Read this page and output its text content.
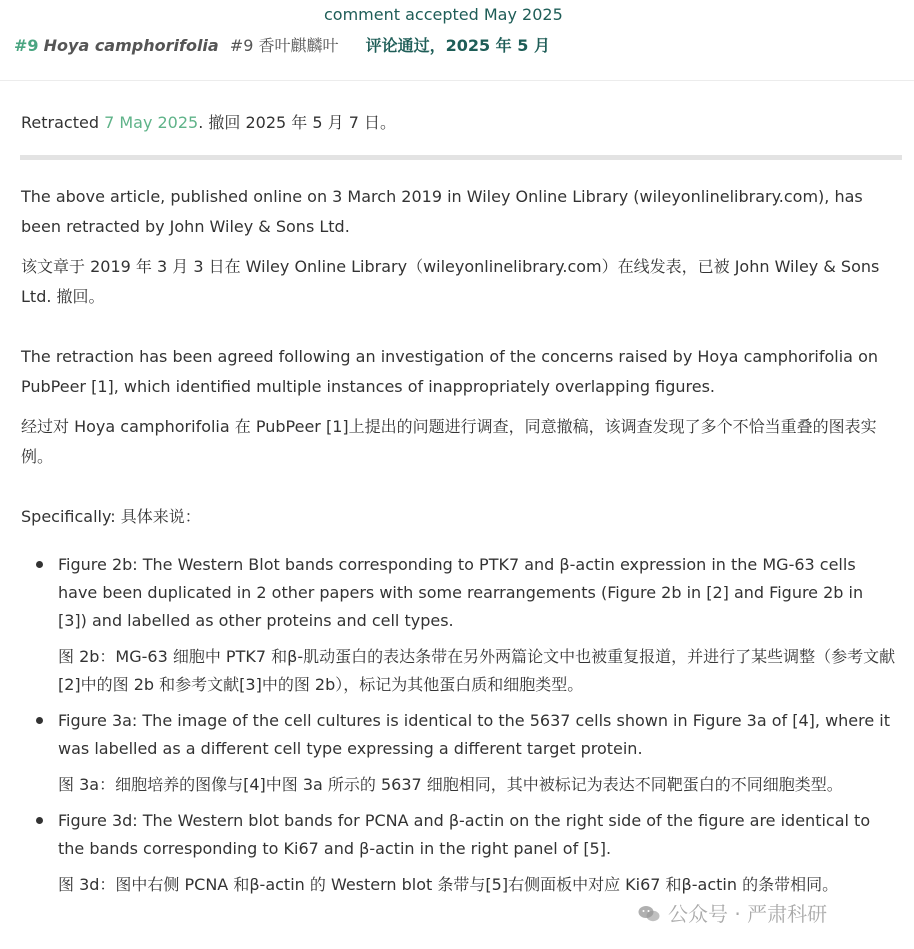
comment accepted May 2025
#9 Hoya camphorifolia #9 香叶麒麟叶 评论通过，2025 年 5 月
Retracted 7 May 2025. 撤回 2025 年 5 月 7 日。

The above article, published online on 3 March 2019 in Wiley Online Library (wileyonlinelibrary.com), has been retracted by John Wiley & Sons Ltd.

该文章于 2019 年 3 月 3 日在 Wiley Online Library（wileyonlinelibrary.com）在线发表，已被 John Wiley & Sons Ltd. 撤回。

The retraction has been agreed following an investigation of the concerns raised by Hoya camphorifolia on PubPeer [1], which identified multiple instances of inappropriately overlapping figures.

经过对 Hoya camphorifolia 在 PubPeer [1]上提出的问题进行调查，同意撤稿，该调查发现了多个不恰当重叠的图表实例。

Specifically: 具体来说：

Figure 2b: The Western Blot bands corresponding to PTK7 and β-actin expression in the MG-63 cells have been duplicated in 2 other papers with some rearrangements (Figure 2b in [2] and Figure 2b in [3]) and labelled as other proteins and cell types.

图 2b：MG-63 细胞中 PTK7 和β-肌动蛋白的表达条带在另外两篇论文中也被重复报道，并进行了某些调整（参考文献[2]中的图 2b 和参考文献[3]中的图 2b），标记为其他蛋白质和细胞类型。

Figure 3a: The image of the cell cultures is identical to the 5637 cells shown in Figure 3a of [4], where it was labelled as a different cell type expressing a different target protein.

图 3a：细胞培养的图像与[4]中图 3a 所示的 5637 细胞相同，其中被标记为表达不同靶蛋白的不同细胞类型。

Figure 3d: The Western blot bands for PCNA and β-actin on the right side of the figure are identical to the bands corresponding to Ki67 and β-actin in the right panel of [5].

图 3d：图中右侧 PCNA 和β-actin 的 Western blot 条带与[5]右侧面板中对应 Ki67 和β-actin 的条带相同。

公众号 · 严肃科研
